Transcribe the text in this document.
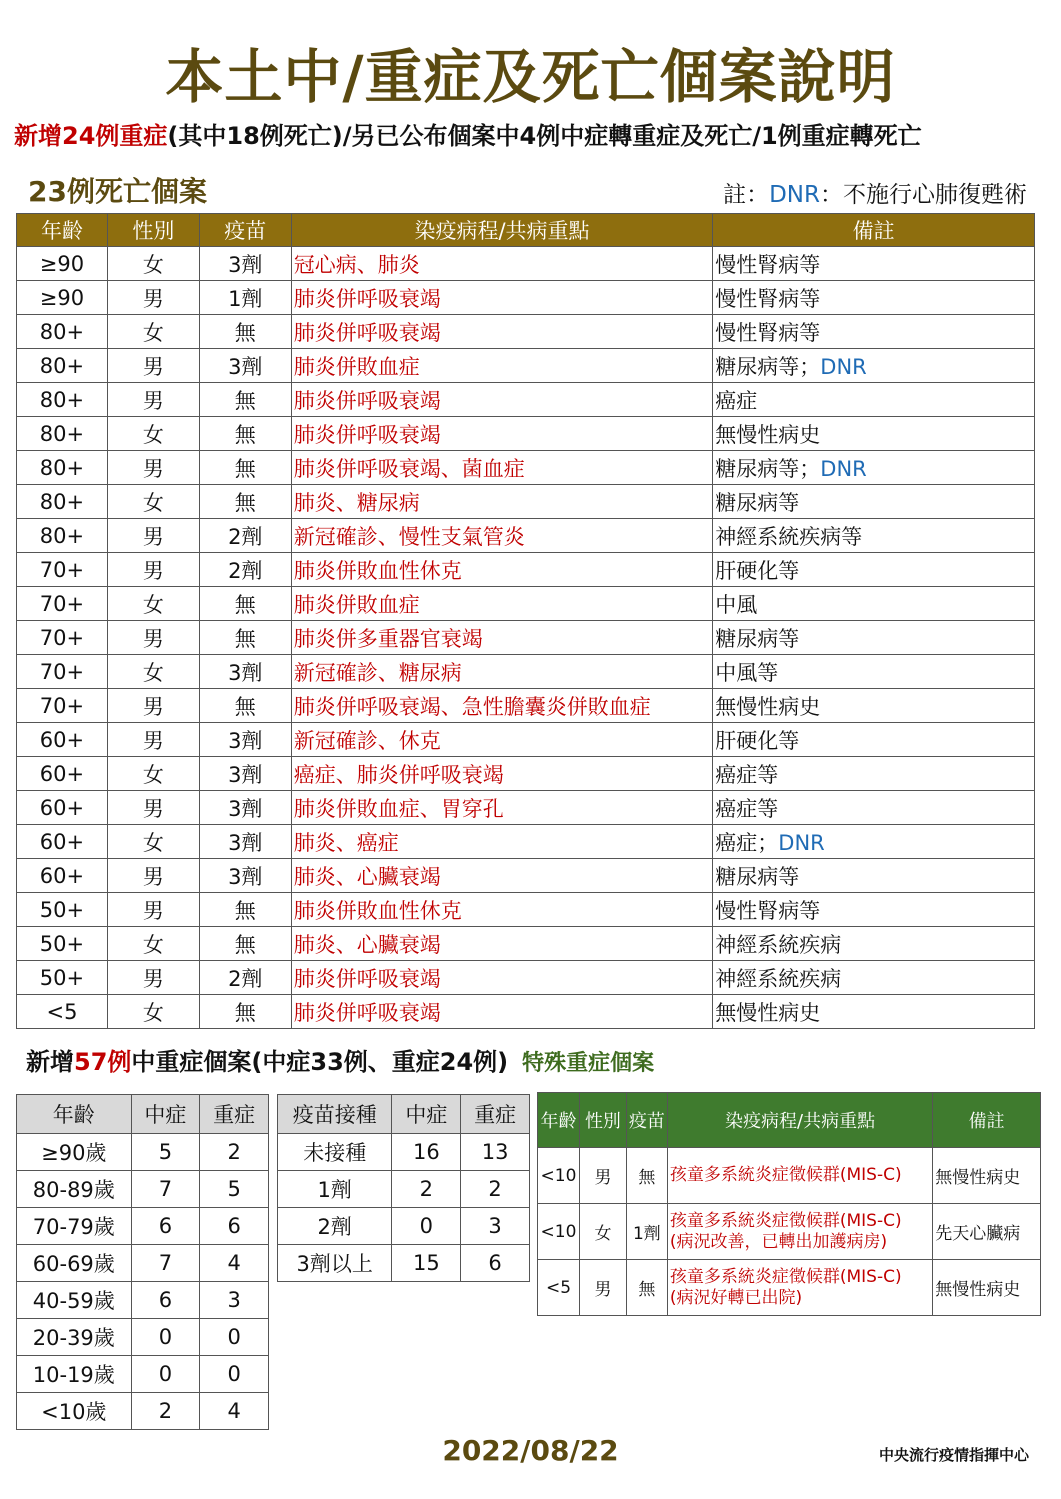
本土中/重症及死亡個案說明
新增24例重症(其中18例死亡)/另已公布個案中4例中症轉重症及死亡/1例重症轉死亡
23例死亡個案	註：DNR：不施行心肺復甦術
年齡	性別	疫苗	染疫病程/共病重點	備註
≥90	女	3劑	冠心病、肺炎	慢性腎病等
≥90	男	1劑	肺炎併呼吸衰竭	慢性腎病等
80+	女	無	肺炎併呼吸衰竭	慢性腎病等
80+	男	3劑	肺炎併敗血症	糖尿病等；DNR
80+	男	無	肺炎併呼吸衰竭	癌症
80+	女	無	肺炎併呼吸衰竭	無慢性病史
80+	男	無	肺炎併呼吸衰竭、菌血症	糖尿病等；DNR
80+	女	無	肺炎、糖尿病	糖尿病等
80+	男	2劑	新冠確診、慢性支氣管炎	神經系統疾病等
70+	男	2劑	肺炎併敗血性休克	肝硬化等
70+	女	無	肺炎併敗血症	中風
70+	男	無	肺炎併多重器官衰竭	糖尿病等
70+	女	3劑	新冠確診、糖尿病	中風等
70+	男	無	肺炎併呼吸衰竭、急性膽囊炎併敗血症	無慢性病史
60+	男	3劑	新冠確診、休克	肝硬化等
60+	女	3劑	癌症、肺炎併呼吸衰竭	癌症等
60+	男	3劑	肺炎併敗血症、胃穿孔	癌症等
60+	女	3劑	肺炎、癌症	癌症；DNR
60+	男	3劑	肺炎、心臟衰竭	糖尿病等
50+	男	無	肺炎併敗血性休克	慢性腎病等
50+	女	無	肺炎、心臟衰竭	神經系統疾病
50+	男	2劑	肺炎併呼吸衰竭	神經系統疾病
<5	女	無	肺炎併呼吸衰竭	無慢性病史
新增57例中重症個案(中症33例、重症24例) 特殊重症個案
年齡	中症	重症
≥90歲	5	2
80-89歲	7	5
70-79歲	6	6
60-69歲	7	4
40-59歲	6	3
20-39歲	0	0
10-19歲	0	0
<10歲	2	4
疫苗接種	中症	重症
未接種	16	13
1劑	2	2
2劑	0	3
3劑以上	15	6
年齡	性別	疫苗	染疫病程/共病重點	備註
<10	男	無	孩童多系統炎症徵候群(MIS-C)	無慢性病史
<10	女	1劑	孩童多系統炎症徵候群(MIS-C)
(病況改善，已轉出加護病房)	先天心臟病
<5	男	無	孩童多系統炎症徵候群(MIS-C)
(病況好轉已出院)	無慢性病史
2022/08/22	中央流行疫情指揮中心
